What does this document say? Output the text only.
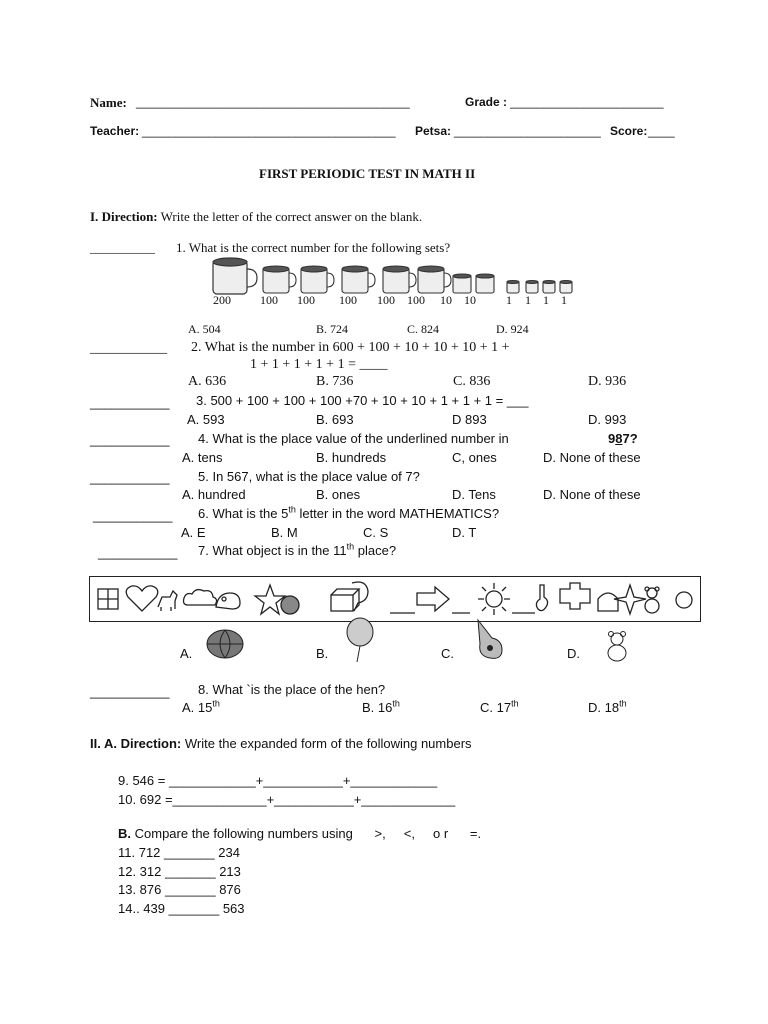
Name: _________________________________________	Grade : _______________________
Teacher: ______________________________________ Petsa: ______________________ Score: ____
FIRST PERIODIC TEST IN MATH II
I. Direction: Write the letter of the correct answer on the blank.
__________ 1. What is the correct number for the following sets?
200 100 100 100 100 100 10 10	1 1 1 1
A. 504	B. 724	C. 824	D. 924
___________ 2. What is the number in 600 + 100 + 10 + 10 + 10 + 1 +
1 + 1 + 1 + 1 + 1 = ____
A. 636	B. 736	C. 836	D. 936
___________ 3. 500 + 100 + 100 + 100 +70 + 10 + 10 + 1 + 1 + 1 = ___
A. 593	B. 693	D 893	D. 993
___________ 4. What is the place value of the underlined number in	987?
A. tens	B. hundreds	C, ones	D. None of these
___________ 5. In 567, what is the place value of 7?
A. hundred	B. ones	D. Tens	D. None of these
___________ 6. What is the 5th letter in the word MATHEMATICS?
A. E	B. M	C. S	D. T
___________ 7. What object is in the 11th place?
A.	B.	C.	D.
___________ 8. What `is the place of the hen?
A. 15th	B. 16th	C. 17th	D. 18th
II. A. Direction: Write the expanded form of the following numbers
9. 546 = ____________+___________+____________
10. 692 =_____________+___________+_____________
B. Compare the following numbers using      >,     <,     o r      =.
11. 712 _______ 234
12. 312 _______ 213
13. 876 _______ 876
14.. 439 _______ 563
